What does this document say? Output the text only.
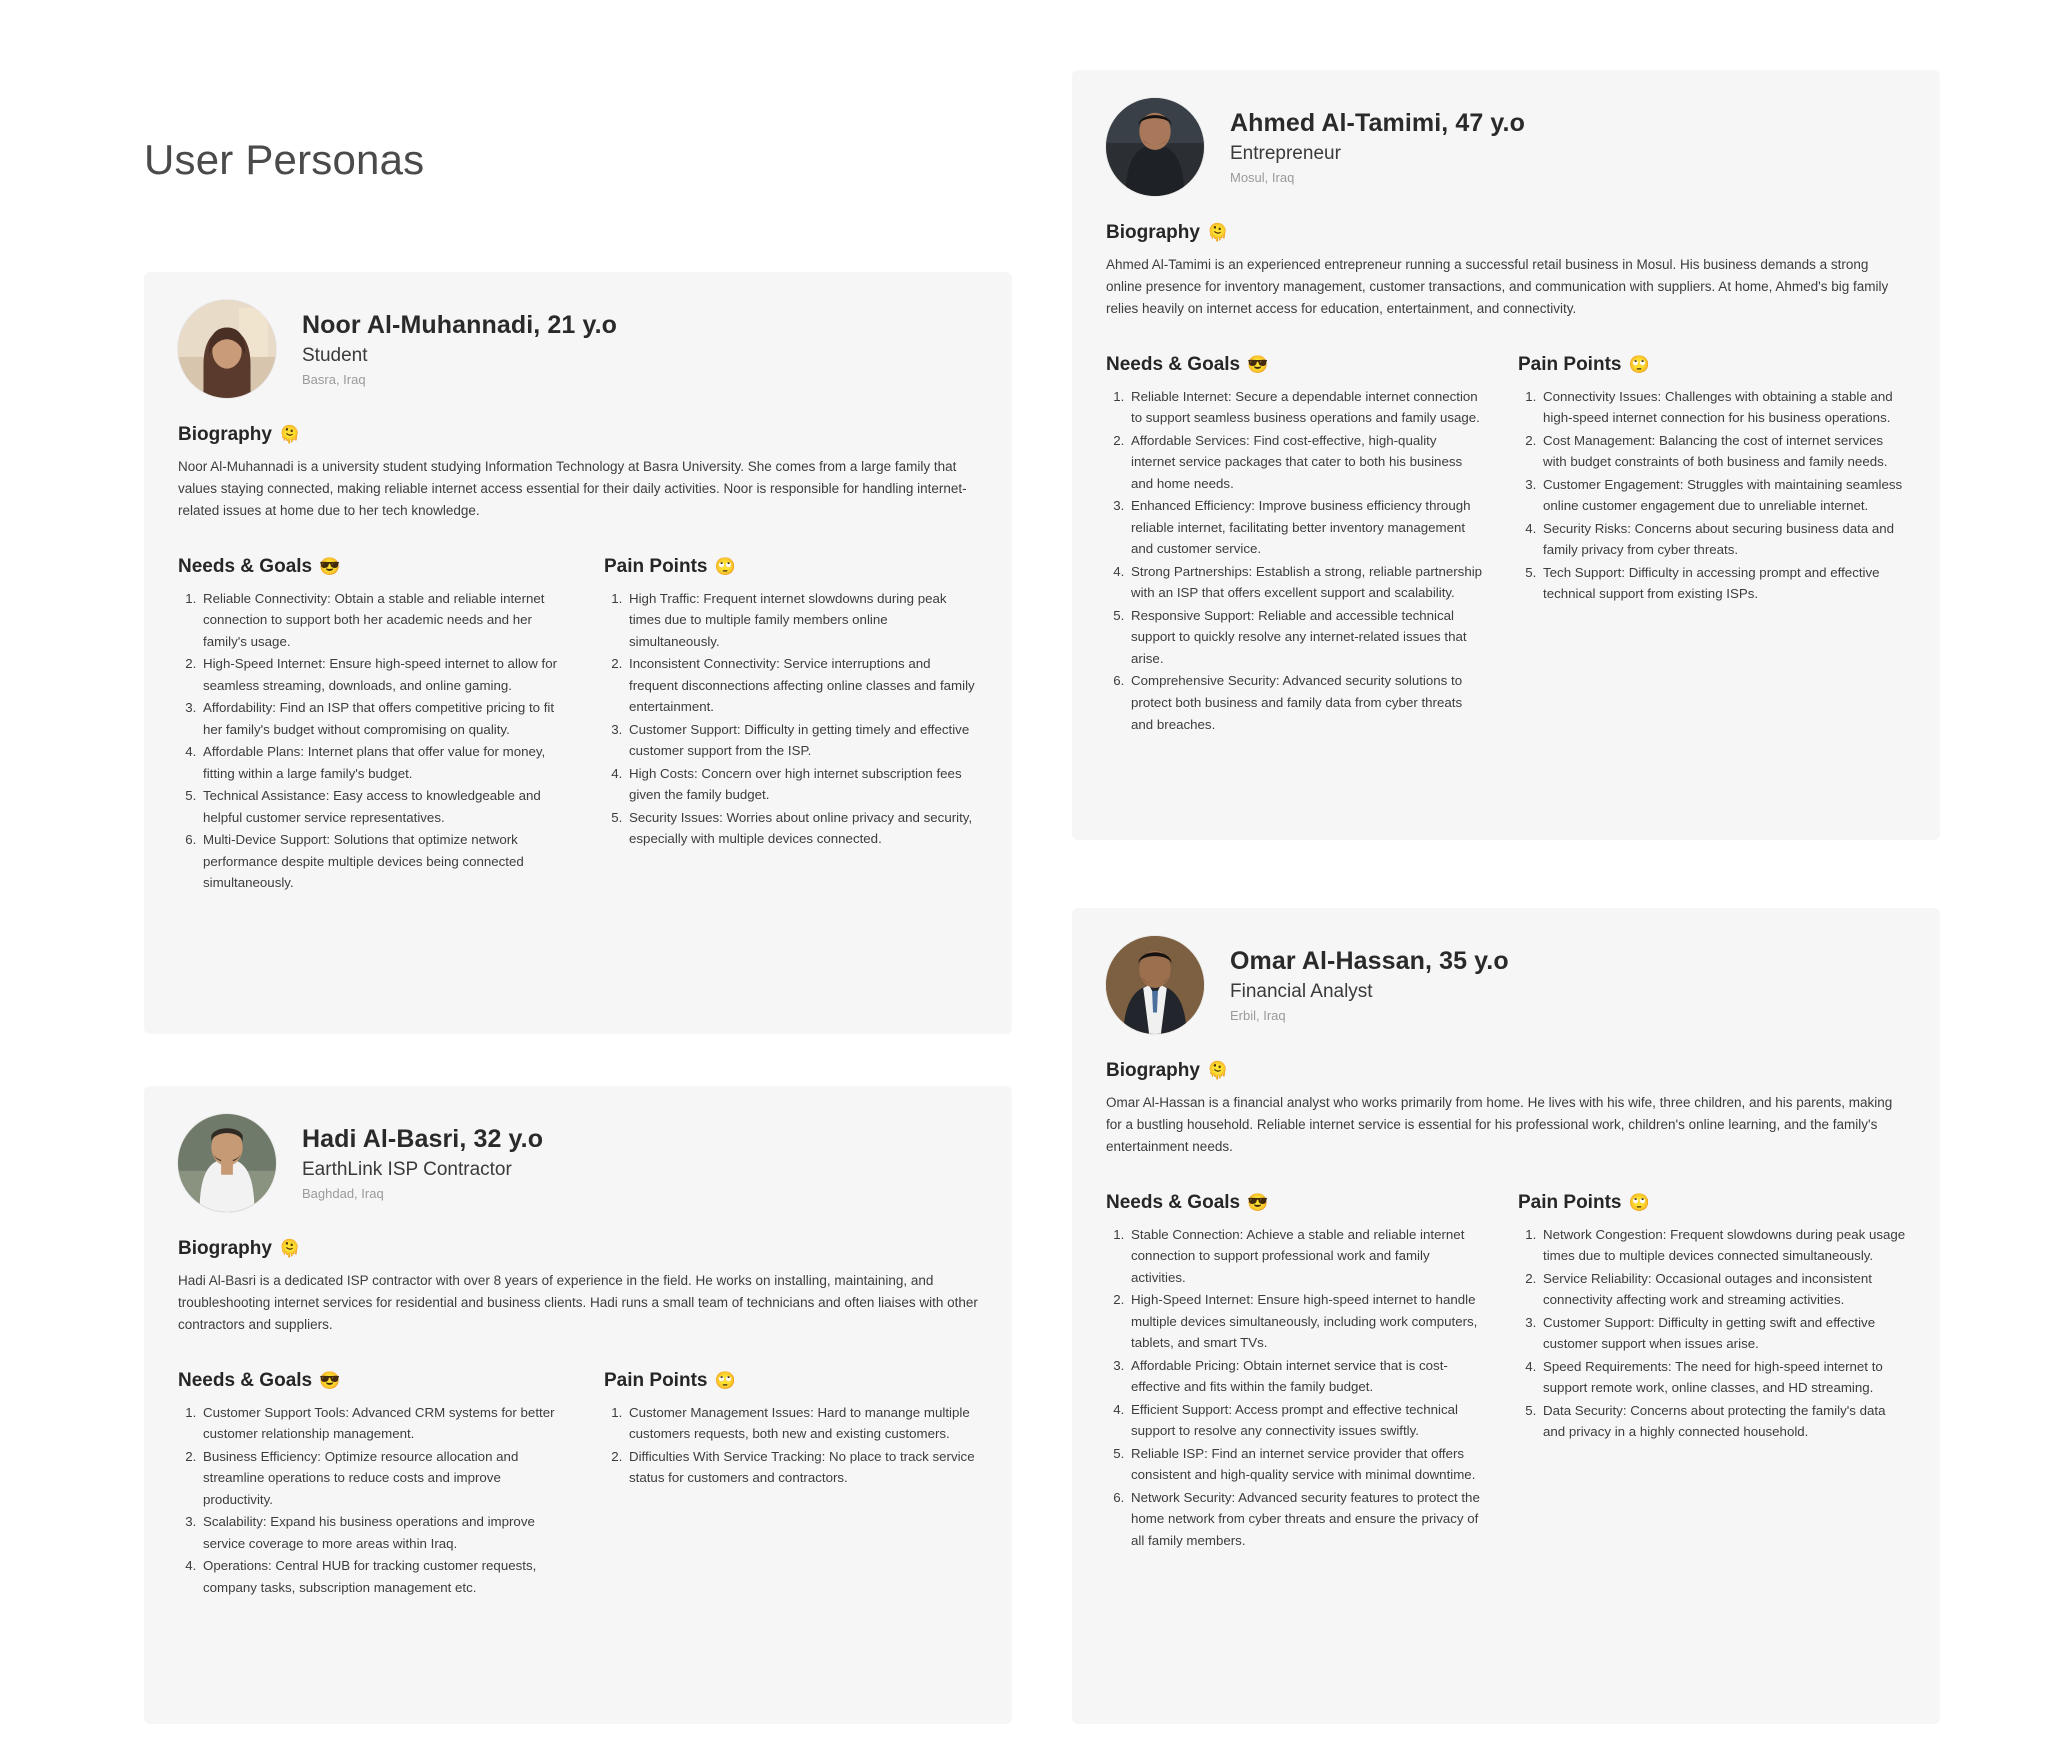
User Personas
Noor Al-Muhannadi, 21 y.o
Student
Basra, Iraq
Biography 🫠

Noor Al-Muhannadi is a university student studying Information Technology at Basra University. She comes from a large family that values staying connected, making reliable internet access essential for their daily activities. Noor is responsible for handling internet-related issues at home due to her tech knowledge.

Needs & Goals 😎
1. Reliable Connectivity: Obtain a stable and reliable internet connection to support both her academic needs and her family's usage.
2. High-Speed Internet: Ensure high-speed internet to allow for seamless streaming, downloads, and online gaming.
3. Affordability: Find an ISP that offers competitive pricing to fit her family's budget without compromising on quality.
4. Affordable Plans: Internet plans that offer value for money, fitting within a large family's budget.
5. Technical Assistance: Easy access to knowledgeable and helpful customer service representatives.
6. Multi-Device Support: Solutions that optimize network performance despite multiple devices being connected simultaneously.
Pain Points 🙄
1. High Traffic: Frequent internet slowdowns during peak times due to multiple family members online simultaneously.
2. Inconsistent Connectivity: Service interruptions and frequent disconnections affecting online classes and family entertainment.
3. Customer Support: Difficulty in getting timely and effective customer support from the ISP.
4. High Costs: Concern over high internet subscription fees given the family budget.
5. Security Issues: Worries about online privacy and security, especially with multiple devices connected.
Hadi Al-Basri, 32 y.o
EarthLink ISP Contractor
Baghdad, Iraq
Biography 🫠

Hadi Al-Basri is a dedicated ISP contractor with over 8 years of experience in the field. He works on installing, maintaining, and troubleshooting internet services for residential and business clients. Hadi runs a small team of technicians and often liaises with other contractors and suppliers.

Needs & Goals 😎
1. Customer Support Tools: Advanced CRM systems for better customer relationship management.
2. Business Efficiency: Optimize resource allocation and streamline operations to reduce costs and improve productivity.
3. Scalability: Expand his business operations and improve service coverage to more areas within Iraq.
4. Operations: Central HUB for tracking customer requests, company tasks, subscription management etc.
Pain Points 🙄
1. Customer Management Issues: Hard to manange multiple customers requests, both new and existing customers.
2. Difficulties With Service Tracking: No place to track service status for customers and contractors.
Ahmed Al-Tamimi, 47 y.o
Entrepreneur
Mosul, Iraq
Biography 🫠

Ahmed Al-Tamimi is an experienced entrepreneur running a successful retail business in Mosul. His business demands a strong online presence for inventory management, customer transactions, and communication with suppliers. At home, Ahmed's big family relies heavily on internet access for education, entertainment, and connectivity.

Needs & Goals 😎
1. Reliable Internet: Secure a dependable internet connection to support seamless business operations and family usage.
2. Affordable Services: Find cost-effective, high-quality internet service packages that cater to both his business and home needs.
3. Enhanced Efficiency: Improve business efficiency through reliable internet, facilitating better inventory management and customer service.
4. Strong Partnerships: Establish a strong, reliable partnership with an ISP that offers excellent support and scalability.
5. Responsive Support: Reliable and accessible technical support to quickly resolve any internet-related issues that arise.
6. Comprehensive Security: Advanced security solutions to protect both business and family data from cyber threats and breaches.
Pain Points 🙄
1. Connectivity Issues: Challenges with obtaining a stable and high-speed internet connection for his business operations.
2. Cost Management: Balancing the cost of internet services with budget constraints of both business and family needs.
3. Customer Engagement: Struggles with maintaining seamless online customer engagement due to unreliable internet.
4. Security Risks: Concerns about securing business data and family privacy from cyber threats.
5. Tech Support: Difficulty in accessing prompt and effective technical support from existing ISPs.
Omar Al-Hassan, 35 y.o
Financial Analyst
Erbil, Iraq
Biography 🫠

Omar Al-Hassan is a financial analyst who works primarily from home. He lives with his wife, three children, and his parents, making for a bustling household. Reliable internet service is essential for his professional work, children's online learning, and the family's entertainment needs.

Needs & Goals 😎
1. Stable Connection: Achieve a stable and reliable internet connection to support professional work and family activities.
2. High-Speed Internet: Ensure high-speed internet to handle multiple devices simultaneously, including work computers, tablets, and smart TVs.
3. Affordable Pricing: Obtain internet service that is cost-effective and fits within the family budget.
4. Efficient Support: Access prompt and effective technical support to resolve any connectivity issues swiftly.
5. Reliable ISP: Find an internet service provider that offers consistent and high-quality service with minimal downtime.
6. Network Security: Advanced security features to protect the home network from cyber threats and ensure the privacy of all family members.
Pain Points 🙄
1. Network Congestion: Frequent slowdowns during peak usage times due to multiple devices connected simultaneously.
2. Service Reliability: Occasional outages and inconsistent connectivity affecting work and streaming activities.
3. Customer Support: Difficulty in getting swift and effective customer support when issues arise.
4. Speed Requirements: The need for high-speed internet to support remote work, online classes, and HD streaming.
5. Data Security: Concerns about protecting the family's data and privacy in a highly connected household.
